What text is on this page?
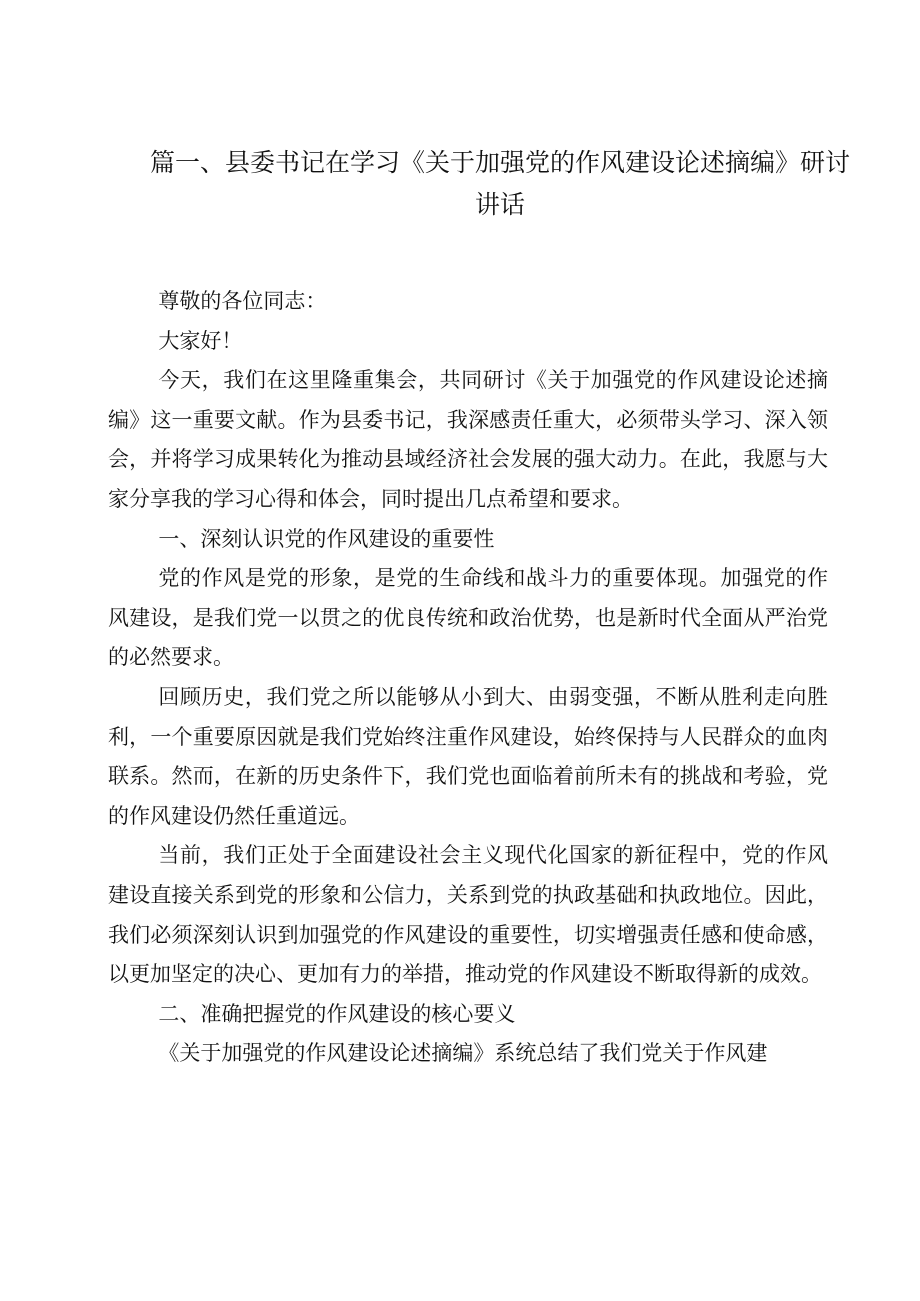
篇一、县委书记在学习《关于加强党的作风建设论述摘编》研讨讲话

尊敬的各位同志：

大家好！

今天，我们在这里隆重集会，共同研讨《关于加强党的作风建设论述摘编》这一重要文献。作为县委书记，我深感责任重大，必须带头学习、深入领会，并将学习成果转化为推动县域经济社会发展的强大动力。在此，我愿与大家分享我的学习心得和体会，同时提出几点希望和要求。

一、深刻认识党的作风建设的重要性

党的作风是党的形象，是党的生命线和战斗力的重要体现。加强党的作风建设，是我们党一以贯之的优良传统和政治优势，也是新时代全面从严治党的必然要求。

回顾历史，我们党之所以能够从小到大、由弱变强，不断从胜利走向胜利，一个重要原因就是我们党始终注重作风建设，始终保持与人民群众的血肉联系。然而，在新的历史条件下，我们党也面临着前所未有的挑战和考验，党的作风建设仍然任重道远。

当前，我们正处于全面建设社会主义现代化国家的新征程中，党的作风建设直接关系到党的形象和公信力，关系到党的执政基础和执政地位。因此，我们必须深刻认识到加强党的作风建设的重要性，切实增强责任感和使命感，以更加坚定的决心、更加有力的举措，推动党的作风建设不断取得新的成效。

二、准确把握党的作风建设的核心要义

《关于加强党的作风建设论述摘编》系统总结了我们党关于作风建
